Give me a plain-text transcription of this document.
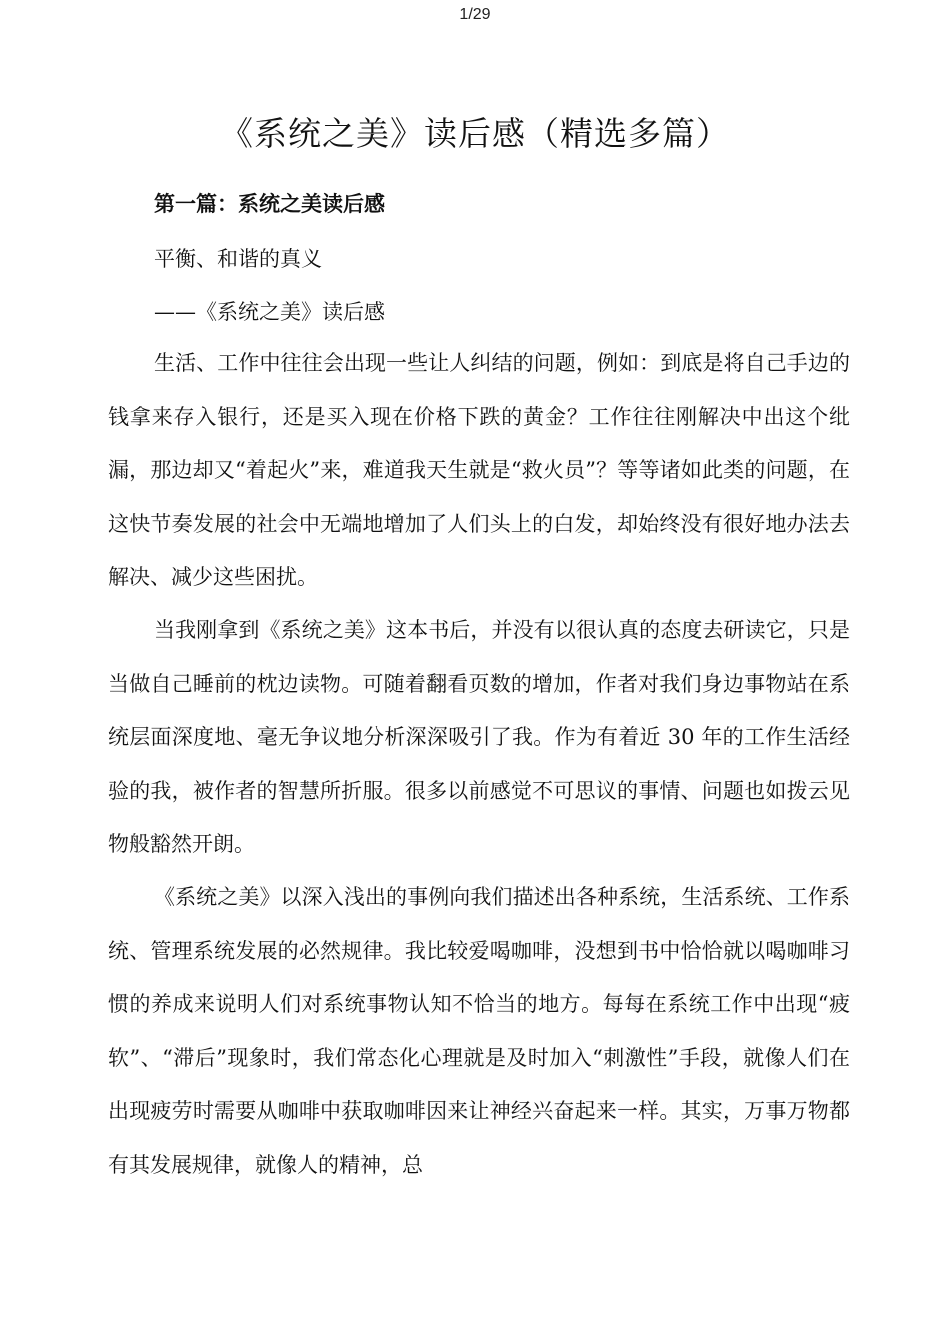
1/29
《系统之美》读后感（精选多篇）
第一篇：系统之美读后感

平衡、和谐的真义

——《系统之美》读后感

生活、工作中往往会出现一些让人纠结的问题，例如：到底是将自己手边的钱拿来存入银行，还是买入现在价格下跌的黄金？工作往往刚解决中出这个纰漏，那边却又“着起火”来，难道我天生就是“救火员”？等等诸如此类的问题，在这快节奏发展的社会中无端地增加了人们头上的白发，却始终没有很好地办法去解决、减少这些困扰。

当我刚拿到《系统之美》这本书后，并没有以很认真的态度去研读它，只是当做自己睡前的枕边读物。可随着翻看页数的增加，作者对我们身边事物站在系统层面深度地、毫无争议地分析深深吸引了我。作为有着近 30 年的工作生活经验的我，被作者的智慧所折服。很多以前感觉不可思议的事情、问题也如拨云见物般豁然开朗。

《系统之美》以深入浅出的事例向我们描述出各种系统，生活系统、工作系统、管理系统发展的必然规律。我比较爱喝咖啡，没想到书中恰恰就以喝咖啡习惯的养成来说明人们对系统事物认知不恰当的地方。每每在系统工作中出现“疲软”、“滞后”现象时，我们常态化心理就是及时加入“刺激性”手段，就像人们在出现疲劳时需要从咖啡中获取咖啡因来让神经兴奋起来一样。其实，万事万物都有其发展规律，就像人的精神，总
